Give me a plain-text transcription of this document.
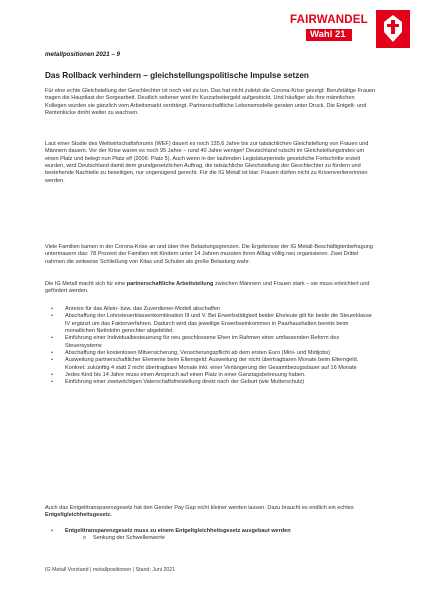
FAIRWANDEL
Wahl 21
metallpositionen 2021 – 9
Das Rollback verhindern – gleichstellungspolitische Impulse setzen

Für eine echte Gleichstellung der Geschlechter ist noch viel zu tun. Das hat nicht zuletzt die Corona-Krise gezeigt: Berufstätige Frauen tragen die Hauptlast der Sorgearbeit. Deutlich seltener wird ihr Kurzarbeitergeld aufgestockt. Und häufiger als ihre männlichen Kollegen wurden sie gänzlich vom Arbeitsmarkt verdrängt. Partnerschaftliche Lebensmodelle geraten unter Druck. Die Entgelt- und Rentenlücke droht weiter zu wachsen.

Laut einer Studie des Weltwirtschaftsforums (WEF) dauert es noch 135,6 Jahre bis zur tatsächlichen Gleichstellung von Frauen und Männern dauern. Vor der Krise waren es noch 95 Jahre – rund 40 Jahre weniger! Deutschland rutscht im Gleichstellungsindex um einen Platz und belegt nun Platz elf (2006: Platz 5). Auch wenn in der laufenden Legislaturperiode gesetzliche Fortschritte erzielt wurden, wird Deutschland damit dem grundgesetzlichen Auftrag, die tatsächliche Gleichstellung der Geschlechter zu fördern und bestehende Nachteile zu beseitigen, nur ungenügend gerecht. Für die IG Metall ist klar: Frauen dürfen nicht zu Krisenverliererinnen werden.

Viele Familien kamen in der Corona-Krise an und über ihre Belastungsgrenzen. Die Ergebnisse der IG Metall-Beschäftigtenbefragung untermauern das: 78 Prozent der Familien mit Kindern unter 14 Jahren mussten ihren Alltag völlig neu organisieren. Zwei Drittel nahmen die zeitweise Schließung von Kitas und Schulen als große Belastung wahr.

Die IG Metall macht sich für eine partnerschaftliche Arbeitsteilung zwischen Männern und Frauen stark – sie muss erleichtert und gefördert werden.

• Anreize für das Allein- bzw. das Zuverdiener-Modell abschaffen
• Abschaffung der Lohnsteuerklassenkombination III und V. Bei Erwerbstätigkeit beider Eheleute gilt für beide die Steuerklasse IV ergänzt um das Faktorverfahren. Dadurch wird das jeweilige Erwerbseinkommen in Paarhaushalten bereits beim monatlichen Nettolohn gerechter abgebildet.
• Einführung einer Individualbesteuerung für neu geschlossene Ehen im Rahmen einer umfassenden Reform des Steuersystems
• Abschaffung der kostenlosen Mitversicherung, Versicherungspflicht ab dem ersten Euro (Mini- und Midijobs)
• Ausweitung partnerschaftlicher Elemente beim Elterngeld: Ausweitung der nicht übertragbaren Monate beim Elterngeld. Konkret: zukünftig 4 statt 2 nicht übertragbare Monate inkl. einer Verlängerung der Gesamtbezugsdauer auf 16 Monate
• Jedes Kind bis 14 Jahre muss einen Anspruch auf einen Platz in einer Ganztagsbetreuung haben.
• Einführung einer zweiwöchigen Vaterschaftsfreistellung direkt nach der Geburt (wie Mutterschutz)

Auch das Entgelttransparenzgesetz hat den Gender Pay Gap nicht kleiner werden lassen. Dazu braucht es endlich ein echtes Entgeltgleichheitsgesetz.

• Entgelttransparenzgesetz muss zu einem Entgeltgleichheitsgesetz ausgebaut werden
o Senkung der Schwellenwerte
IG Metall Vorstand | metallpositionen | Stand: Juni 2021
